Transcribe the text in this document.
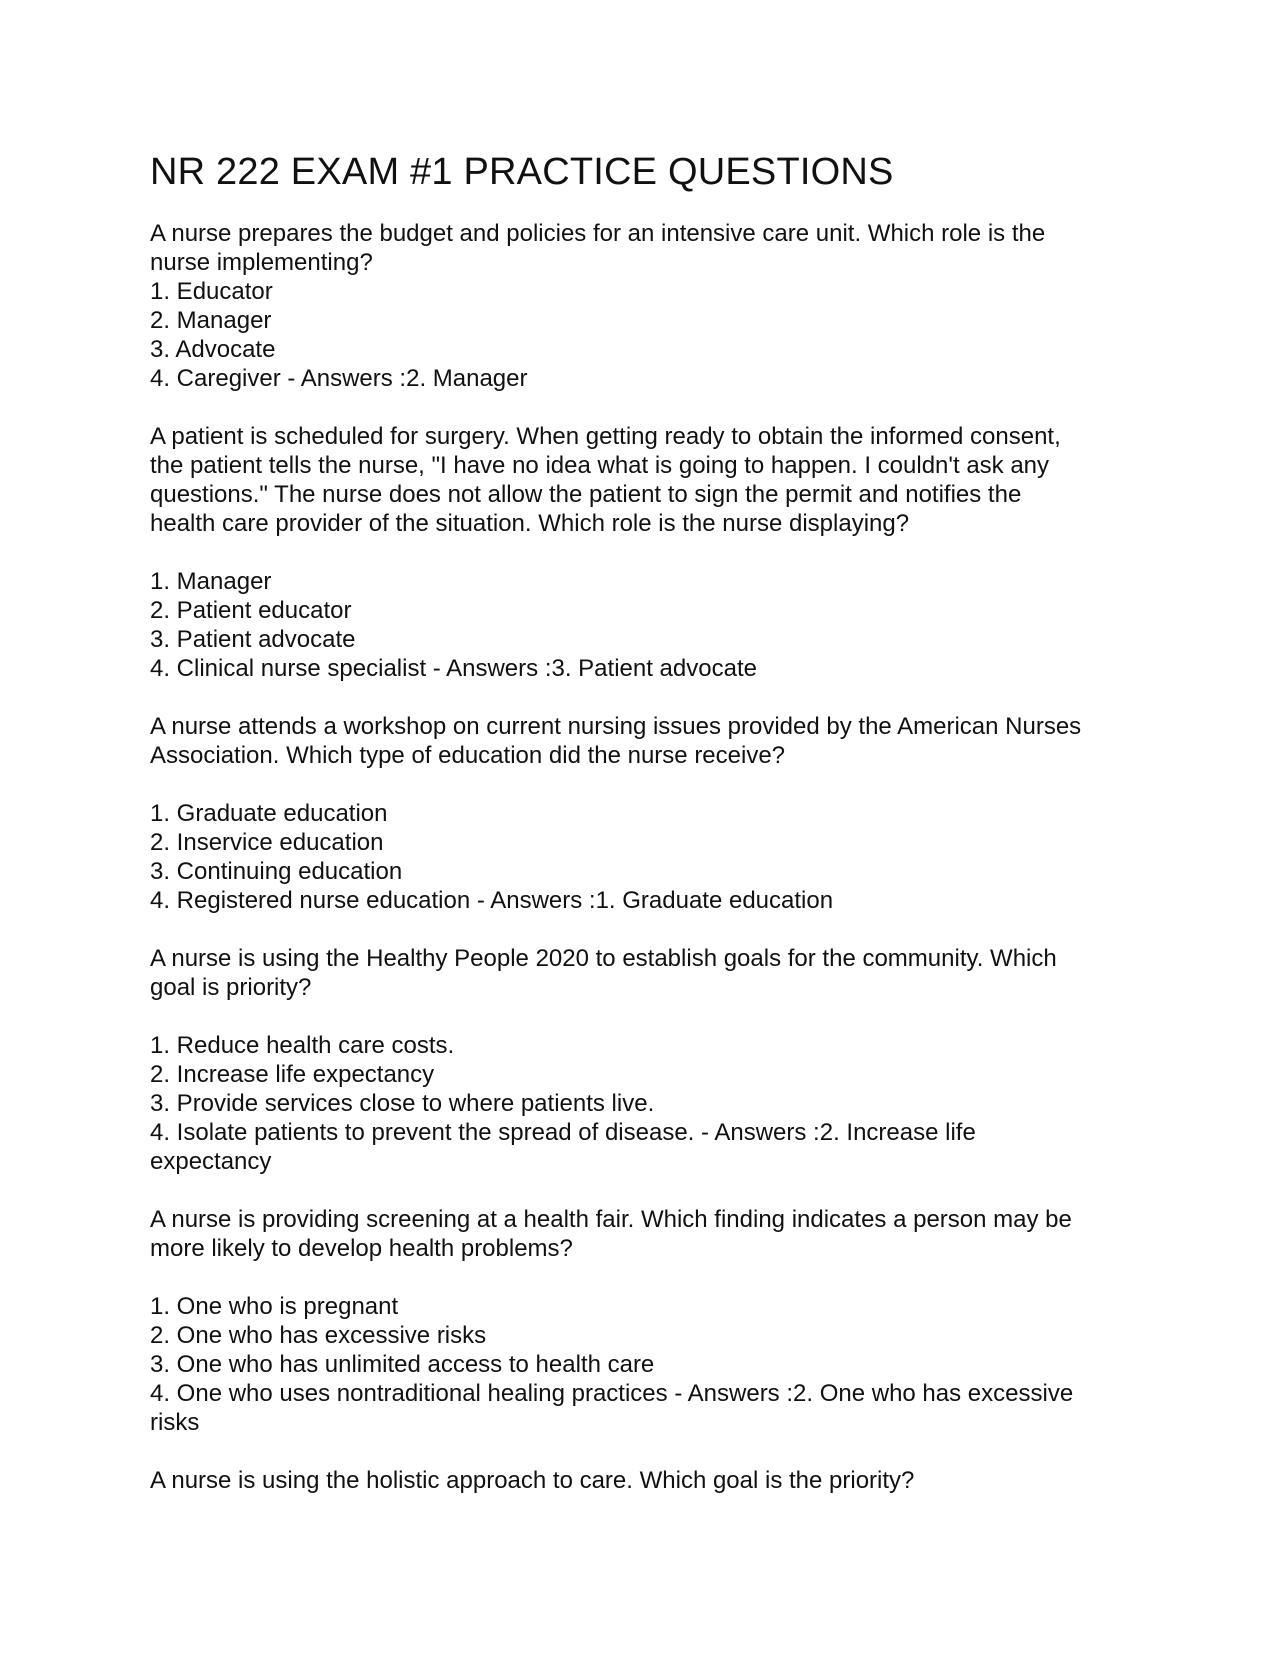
NR 222 EXAM #1 PRACTICE QUESTIONS
A nurse prepares the budget and policies for an intensive care unit. Which role is the
nurse implementing?
1. Educator
2. Manager
3. Advocate
4. Caregiver - Answers :2. Manager
A patient is scheduled for surgery. When getting ready to obtain the informed consent,
the patient tells the nurse, "I have no idea what is going to happen. I couldn't ask any
questions." The nurse does not allow the patient to sign the permit and notifies the
health care provider of the situation. Which role is the nurse displaying?
1. Manager
2. Patient educator
3. Patient advocate
4. Clinical nurse specialist - Answers :3. Patient advocate
A nurse attends a workshop on current nursing issues provided by the American Nurses
Association. Which type of education did the nurse receive?
1. Graduate education
2. Inservice education
3. Continuing education
4. Registered nurse education - Answers :1. Graduate education
A nurse is using the Healthy People 2020 to establish goals for the community. Which
goal is priority?
1. Reduce health care costs.
2. Increase life expectancy
3. Provide services close to where patients live.
4. Isolate patients to prevent the spread of disease. - Answers :2. Increase life
expectancy
A nurse is providing screening at a health fair. Which finding indicates a person may be
more likely to develop health problems?
1. One who is pregnant
2. One who has excessive risks
3. One who has unlimited access to health care
4. One who uses nontraditional healing practices - Answers :2. One who has excessive
risks
A nurse is using the holistic approach to care. Which goal is the priority?
